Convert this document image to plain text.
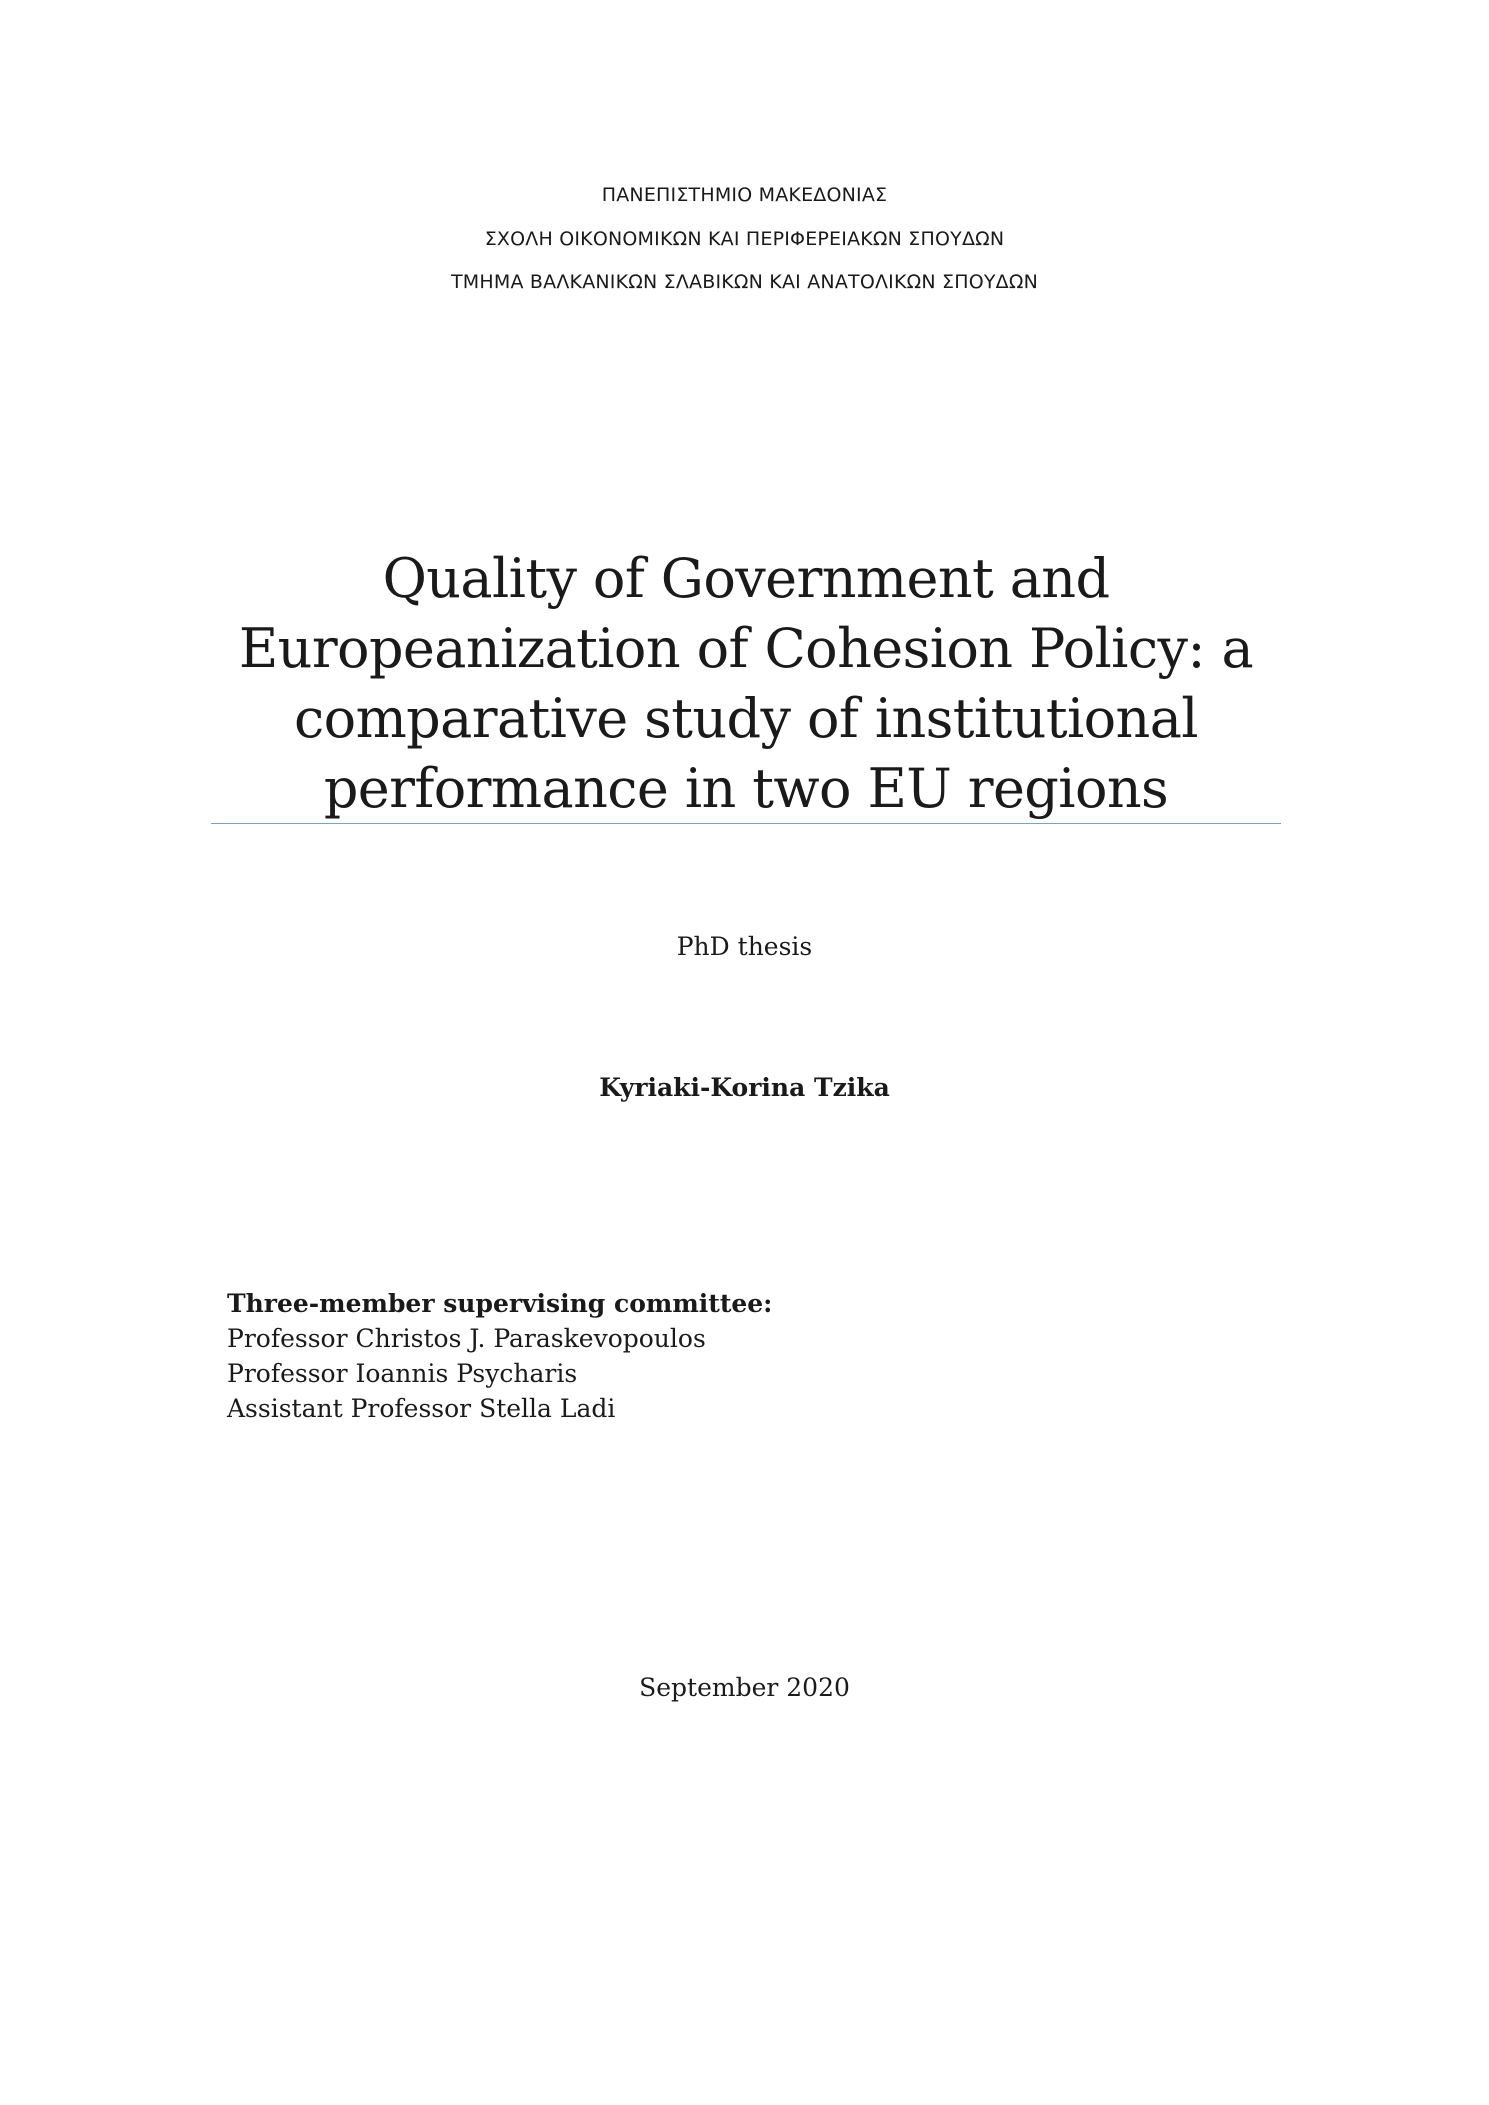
ΠΑΝΕΠΙΣΤΗΜΙΟ ΜΑΚΕΔΟΝΙΑΣ
ΣΧΟΛΗ ΟΙΚΟΝΟΜΙΚΩΝ ΚΑΙ ΠΕΡΙΦΕΡΕΙΑΚΩΝ ΣΠΟΥΔΩΝ
ΤΜΗΜΑ ΒΑΛΚΑΝΙΚΩΝ ΣΛΑΒΙΚΩΝ ΚΑΙ ΑΝΑΤΟΛΙΚΩΝ ΣΠΟΥΔΩΝ
Quality of Government and
Europeanization of Cohesion Policy: a
comparative study of institutional
performance in two EU regions
PhD thesis
Kyriaki-Korina Tzika
Three-member supervising committee:
Professor Christos J. Paraskevopoulos
Professor Ioannis Psycharis
Assistant Professor Stella Ladi
September 2020
